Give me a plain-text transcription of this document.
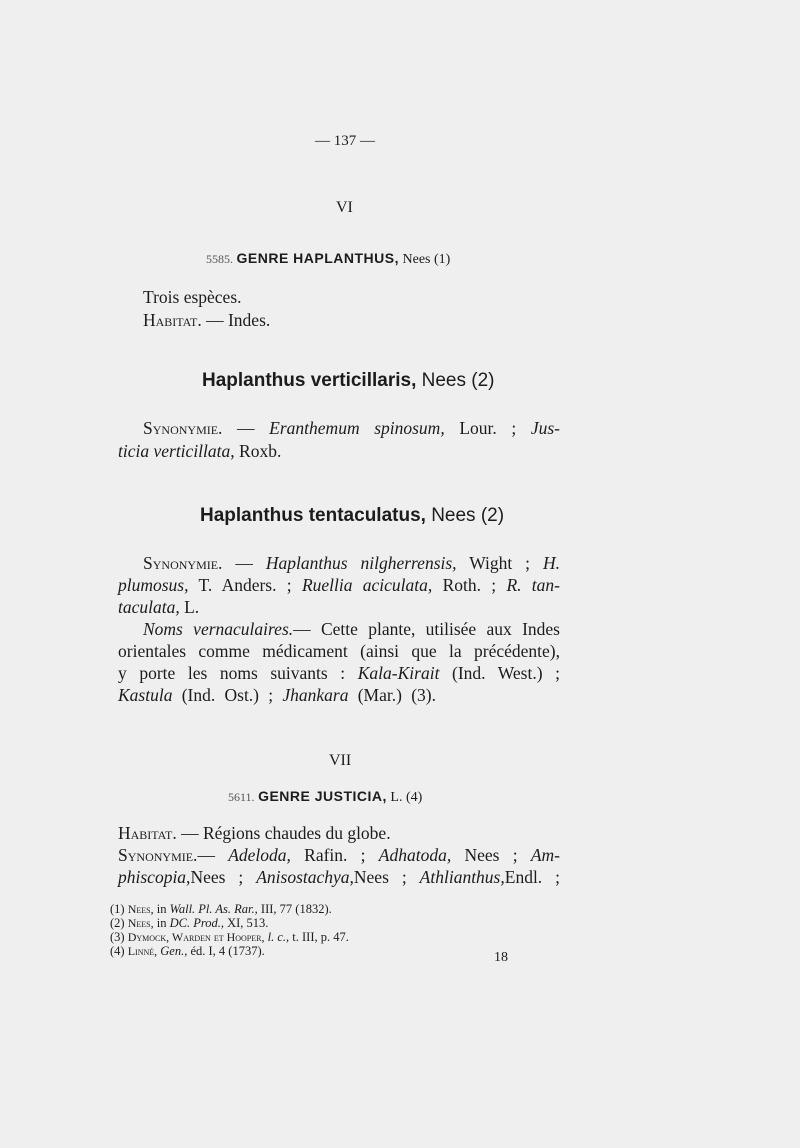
— 137 —
VI
5585. GENRE HAPLANTHUS, Nees (1)
Trois espèces.
Habitat. — Indes.
Haplanthus verticillaris, Nees (2)
Synonymie. — Eranthemum spinosum, Lour. ; Jus-
ticia verticillata, Roxb.
Haplanthus tentaculatus, Nees (2)
Synonymie. — Haplanthus nilgherrensis, Wight ; H.
plumosus, T. Anders. ; Ruellia aciculata, Roth. ; R. tan-
taculata, L.
Noms vernaculaires.— Cette plante, utilisée aux Indes
orientales comme médicament (ainsi que la précédente),
y porte les noms suivants : Kala-Kirait (Ind. West.) ;
Kastula (Ind. Ost.) ; Jhankara (Mar.) (3).
VII
5611. GENRE JUSTICIA, L. (4)
Habitat. — Régions chaudes du globe.
Synonymie.— Adeloda, Rafin. ; Adhatoda, Nees ; Am-
phiscopia,Nees ; Anisostachya,Nees ; Athlianthus,Endl. ;
(1) Nees, in Wall. Pl. As. Rar., III, 77 (1832).
(2) Nees, in DC. Prod., XI, 513.
(3) Dymock, Warden et Hooper, l. c., t. III, p. 47.
(4) Linné, Gen., éd. I, 4 (1737).	18
